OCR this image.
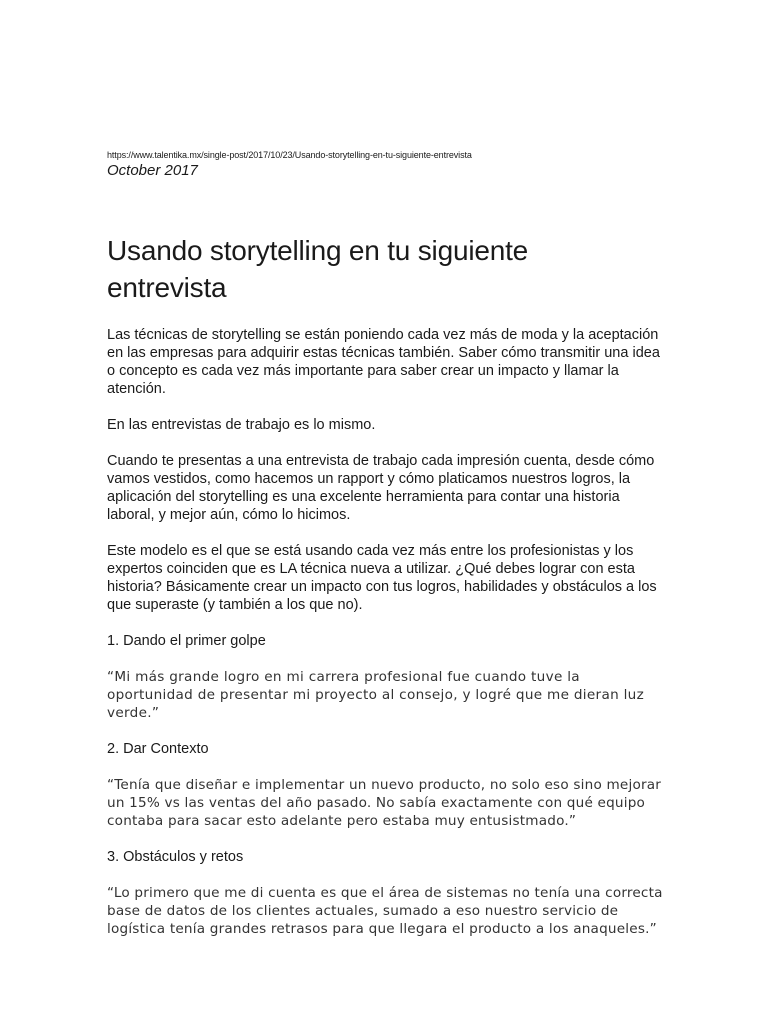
https://www.talentika.mx/single-post/2017/10/23/Usando-storytelling-en-tu-siguiente-entrevista

October 2017

Usando storytelling en tu siguiente
entrevista

Las técnicas de storytelling se están poniendo cada vez más de moda y la aceptación en las empresas para adquirir estas técnicas también. Saber cómo transmitir una idea o concepto es cada vez más importante para saber crear un impacto y llamar la atención.

En las entrevistas de trabajo es lo mismo.

Cuando te presentas a una entrevista de trabajo cada impresión cuenta, desde cómo vamos vestidos, como hacemos un rapport y cómo platicamos nuestros logros, la aplicación del storytelling es una excelente herramienta para contar una historia laboral, y mejor aún, cómo lo hicimos.

Este modelo es el que se está usando cada vez más entre los profesionistas y los expertos coinciden que es LA técnica nueva a utilizar. ¿Qué debes lograr con esta historia? Básicamente crear un impacto con tus logros, habilidades y obstáculos a los que superaste (y también a los que no).

1. Dando el primer golpe

“Mi más grande logro en mi carrera profesional fue cuando tuve la oportunidad de presentar mi proyecto al consejo, y logré que me dieran luz verde.”

2. Dar Contexto

“Tenía que diseñar e implementar un nuevo producto, no solo eso sino mejorar un 15% vs las ventas del año pasado. No sabía exactamente con qué equipo contaba para sacar esto adelante pero estaba muy entusistmado.”

3. Obstáculos y retos

“Lo primero que me di cuenta es que el área de sistemas no tenía una correcta base de datos de los clientes actuales, sumado a eso nuestro servicio de logística tenía grandes retrasos para que llegara el producto a los anaqueles.”
